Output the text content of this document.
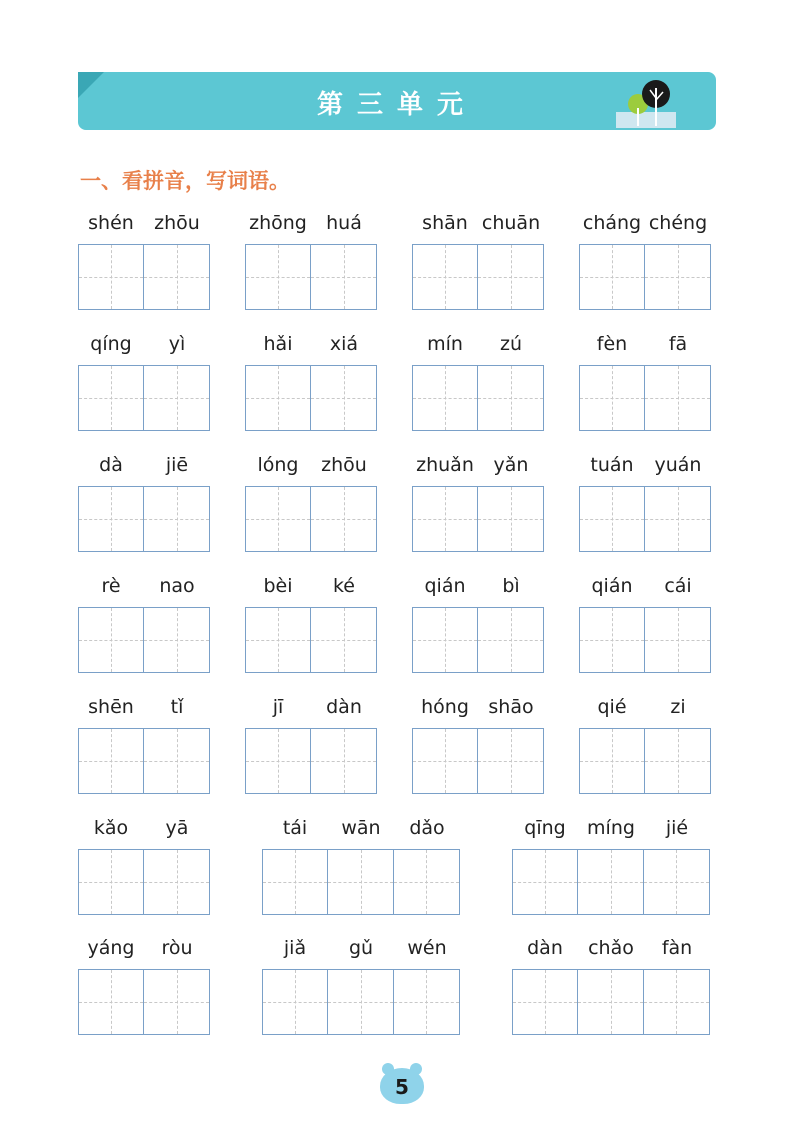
第三单元
一、看拼音，写词语。
shén	zhōu	zhōng	huá	shān chuān cháng chéng
qíng	yì	hǎi	xiá	mín	zú	fèn	fā
dà	jiē	lóng	zhōu	zhuǎn	yǎn	tuán	yuán
rè	nao	bèi	ké	qián	bì	qián	cái
shēn	tǐ	jī	dàn	hóng	shāo	qié	zi
kǎo	yā	tái	wān	dǎo	qīng	míng	jié
yáng	ròu	jiǎ	gǔ	wén	dàn	chǎo	fàn
5
